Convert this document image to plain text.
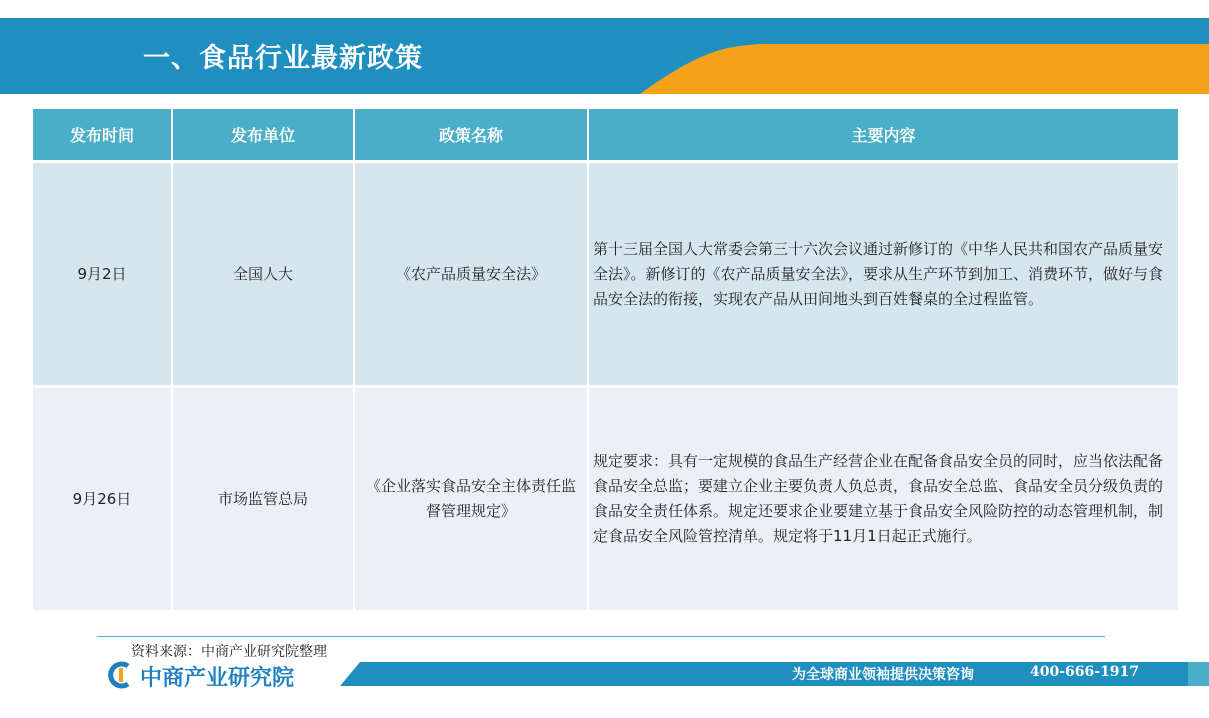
一、食品行业最新政策
发布时间	发布单位	政策名称	主要内容
9月2日	全国人大	《农产品质量安全法》	第十三届全国人大常委会第三十六次会议通过新修订的《中华人民共和国农产品质量安全法》。新修订的《农产品质量安全法》，要求从生产环节到加工、消费环节，做好与食品安全法的衔接，实现农产品从田间地头到百姓餐桌的全过程监管。
9月26日	市场监管总局	《企业落实食品安全主体责任监督管理规定》	规定要求：具有一定规模的食品生产经营企业在配备食品安全员的同时，应当依法配备食品安全总监；要建立企业主要负责人负总责，食品安全总监、食品安全员分级负责的食品安全责任体系。规定还要求企业要建立基于食品安全风险防控的动态管理机制，制定食品安全风险管控清单。规定将于11月1日起正式施行。
资料来源：中商产业研究院整理
为全球商业领袖提供决策咨询	400-666-1917
中商产业研究院
